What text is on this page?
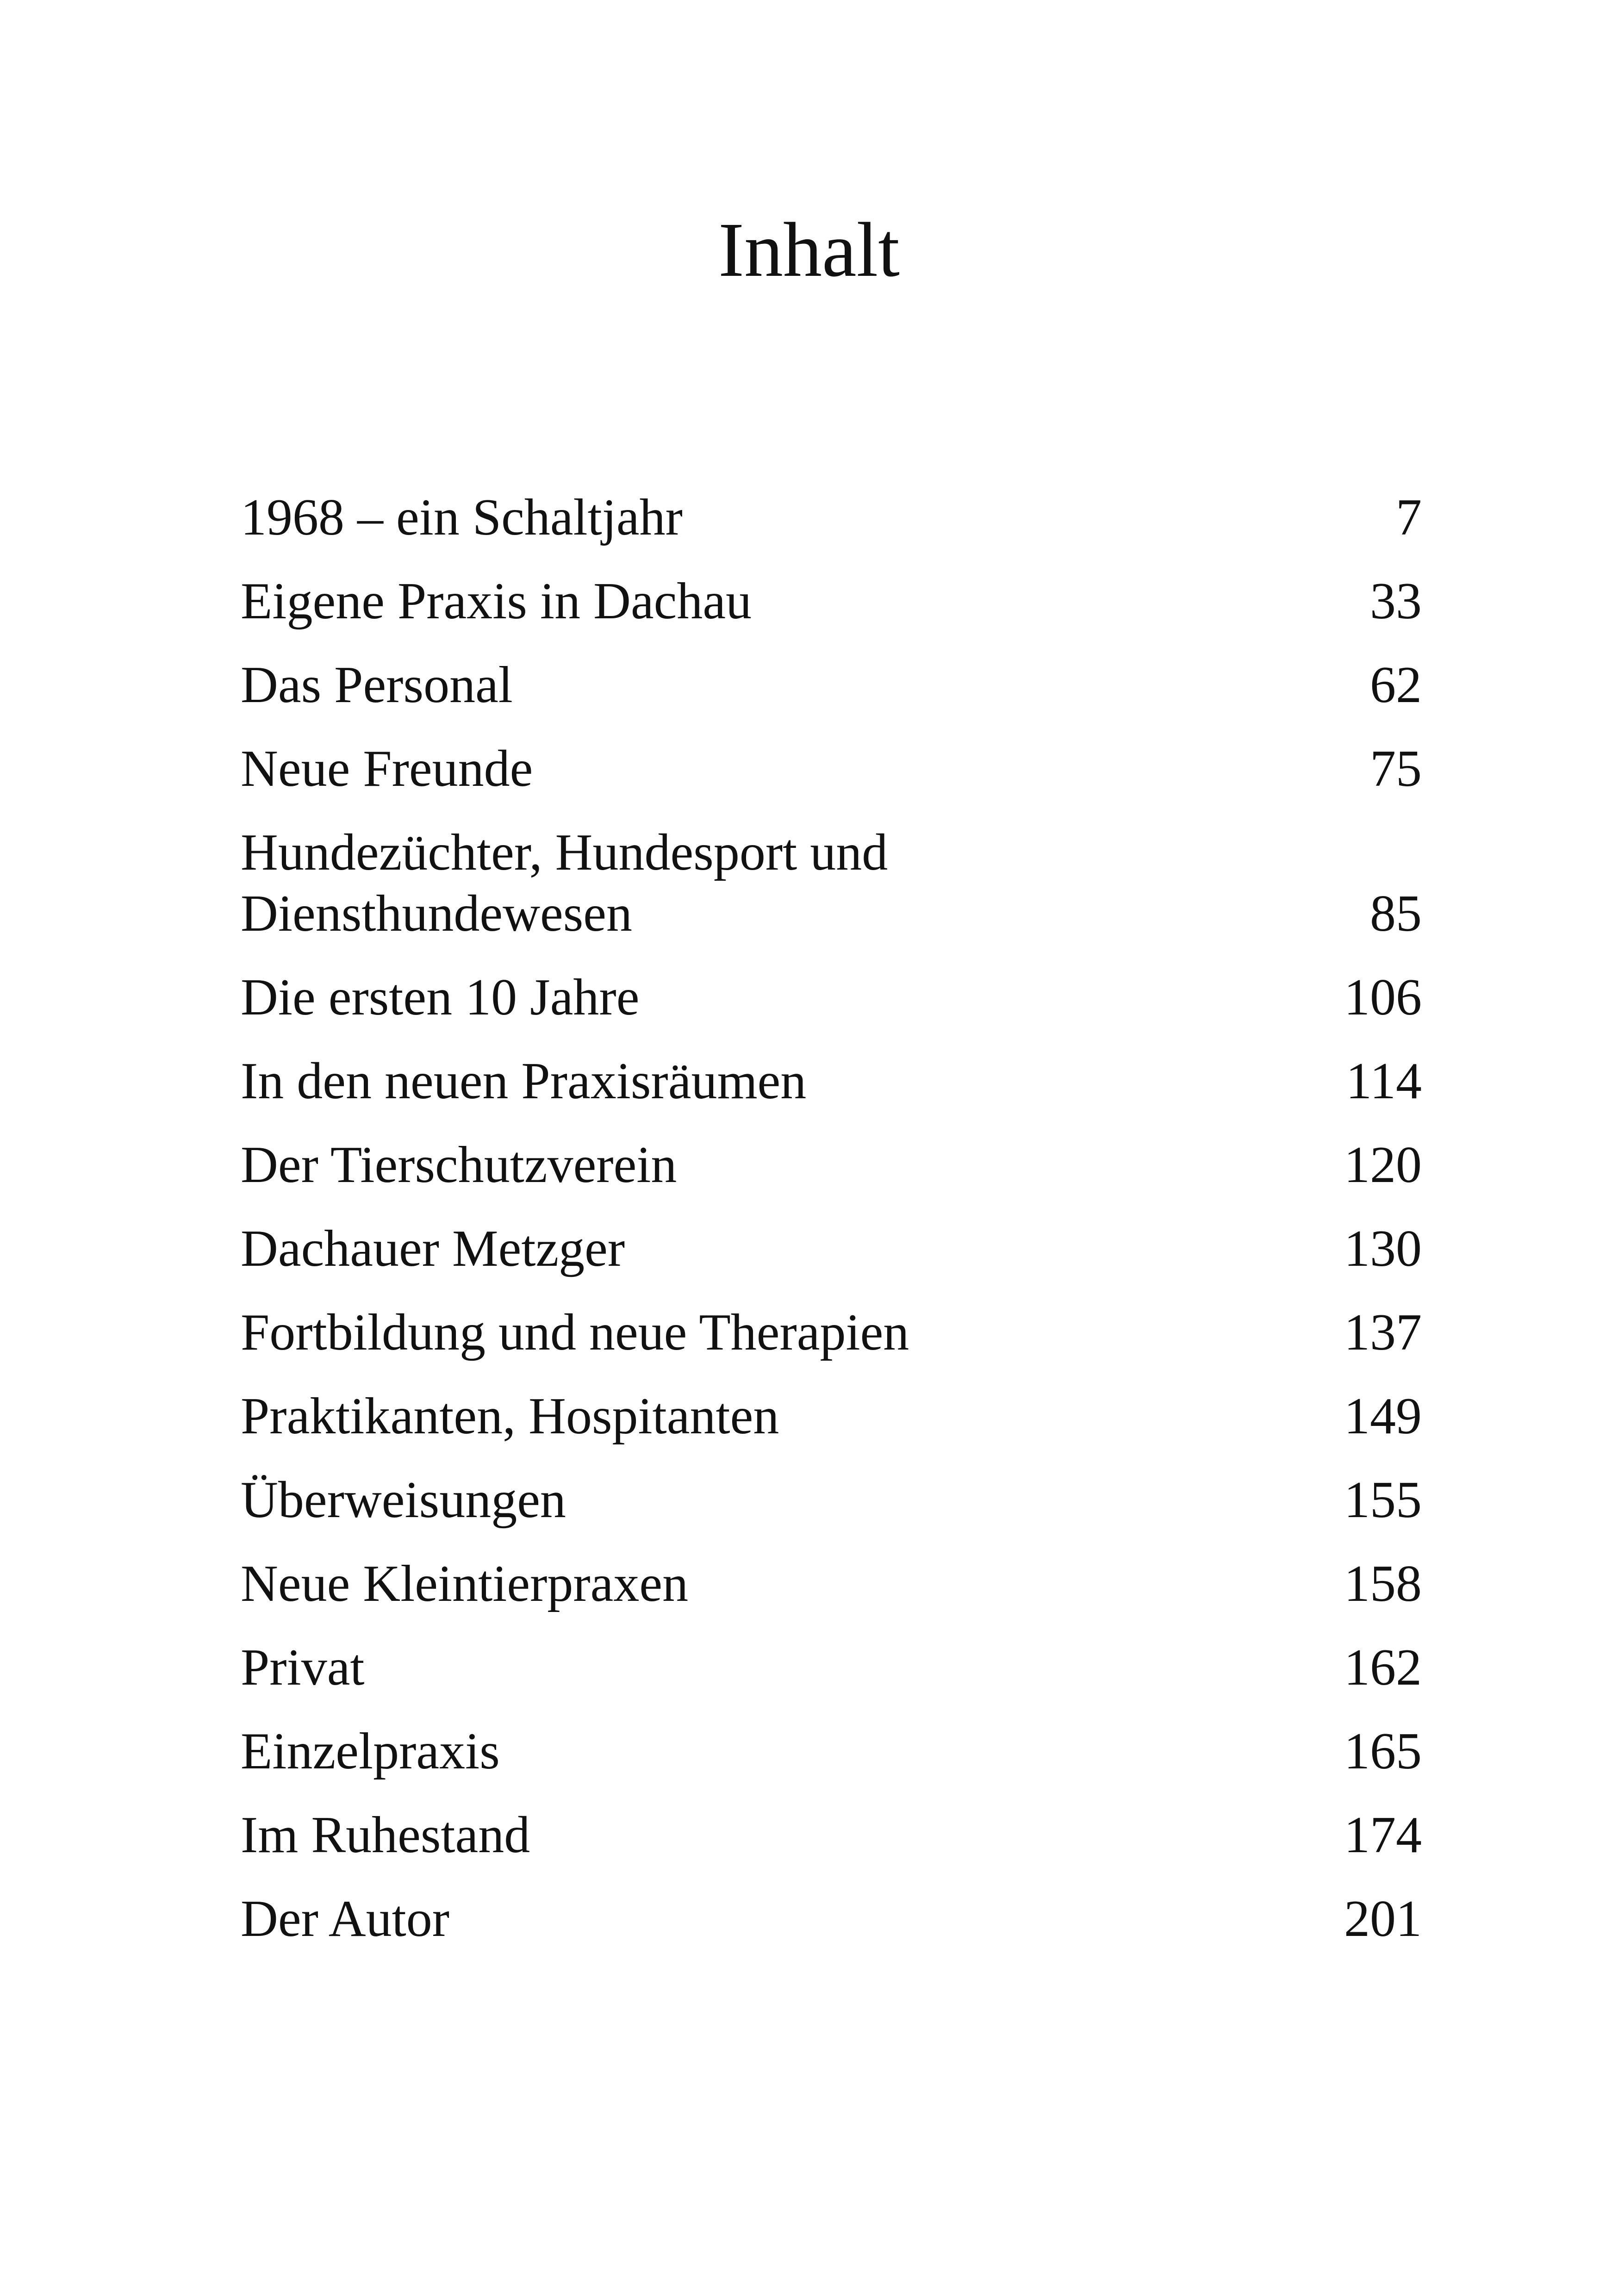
Inhalt
1968 – ein Schaltjahr	7
Eigene Praxis in Dachau	33
Das Personal	62
Neue Freunde	75
Hundezüchter, Hundesport und
Diensthundewesen	85
Die ersten 10 Jahre	106
In den neuen Praxisräumen	114
Der Tierschutzverein	120
Dachauer Metzger	130
Fortbildung und neue Therapien	137
Praktikanten, Hospitanten	149
Überweisungen	155
Neue Kleintierpraxen	158
Privat	162
Einzelpraxis	165
Im Ruhestand	174
Der Autor	201
